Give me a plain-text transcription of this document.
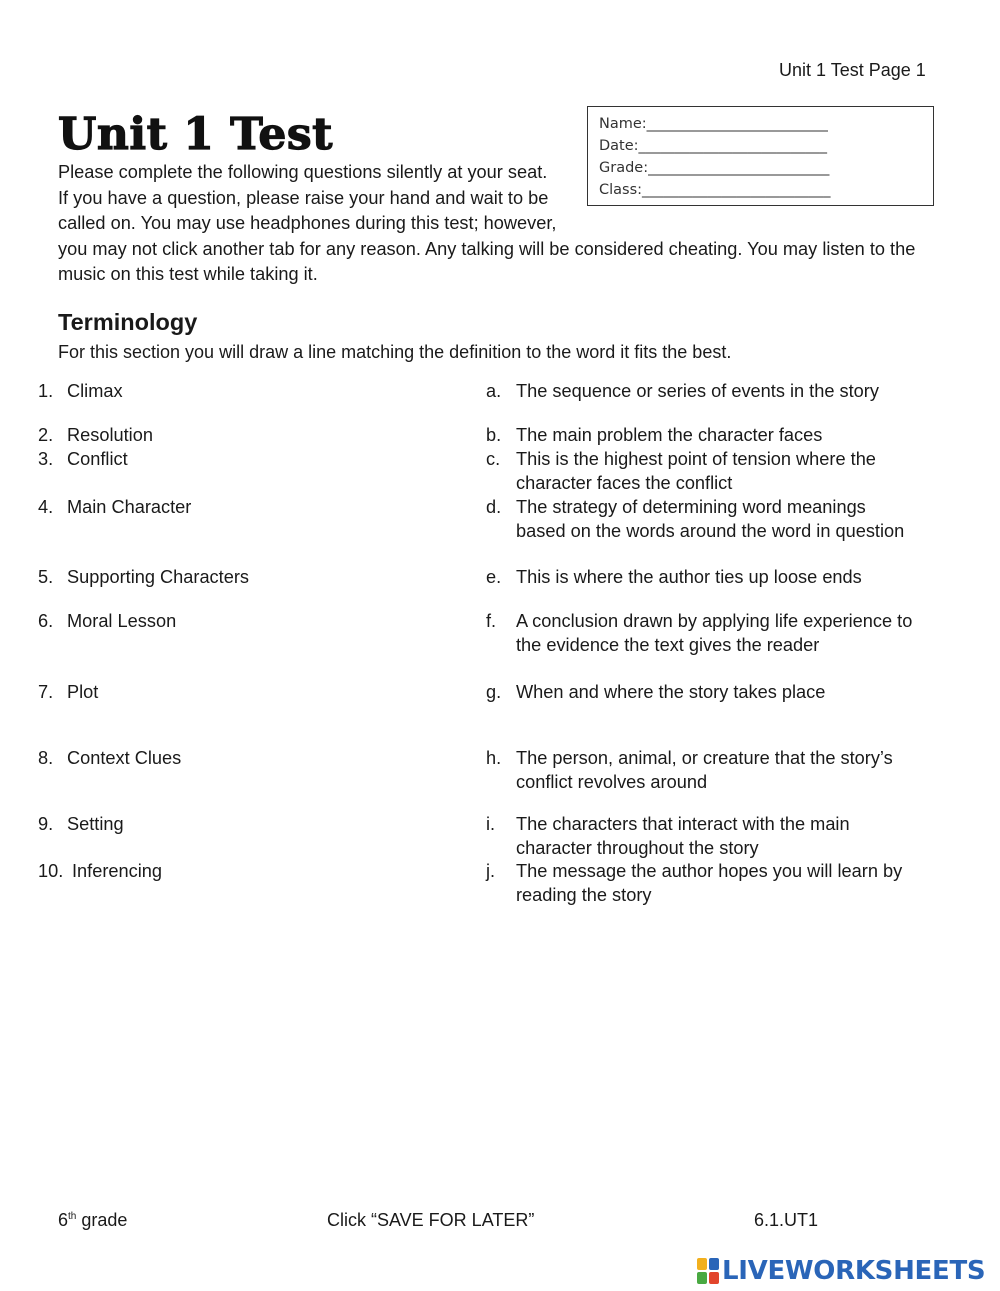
Unit 1 Test Page 1
Unit 1 Test	Name:_________________________
Date:__________________________
Grade:_________________________
Class:__________________________
Please complete the following questions silently at your seat. If you have a question, please raise your hand and wait to be called on. You may use headphones during this test; however, you may not click another tab for any reason. Any talking will be considered cheating. You may listen to the music on this test while taking it.
Terminology
For this section you will draw a line matching the definition to the word it fits the best.
1. Climax	a. The sequence or series of events in the story
2. Resolution	b. The main problem the character faces
3. Conflict	c. This is the highest point of tension where the character faces the conflict
4. Main Character	d. The strategy of determining word meanings based on the words around the word in question
5. Supporting Characters	e. This is where the author ties up loose ends
6. Moral Lesson	f. A conclusion drawn by applying life experience to the evidence the text gives the reader
7. Plot	g. When and where the story takes place
8. Context Clues	h. The person, animal, or creature that the story’s conflict revolves around
9. Setting	i. The characters that interact with the main character throughout the story
10. Inferencing	j. The message the author hopes you will learn by reading the story
6th grade	Click “SAVE FOR LATER”	6.1.UT1
LIVEWORKSHEETS
